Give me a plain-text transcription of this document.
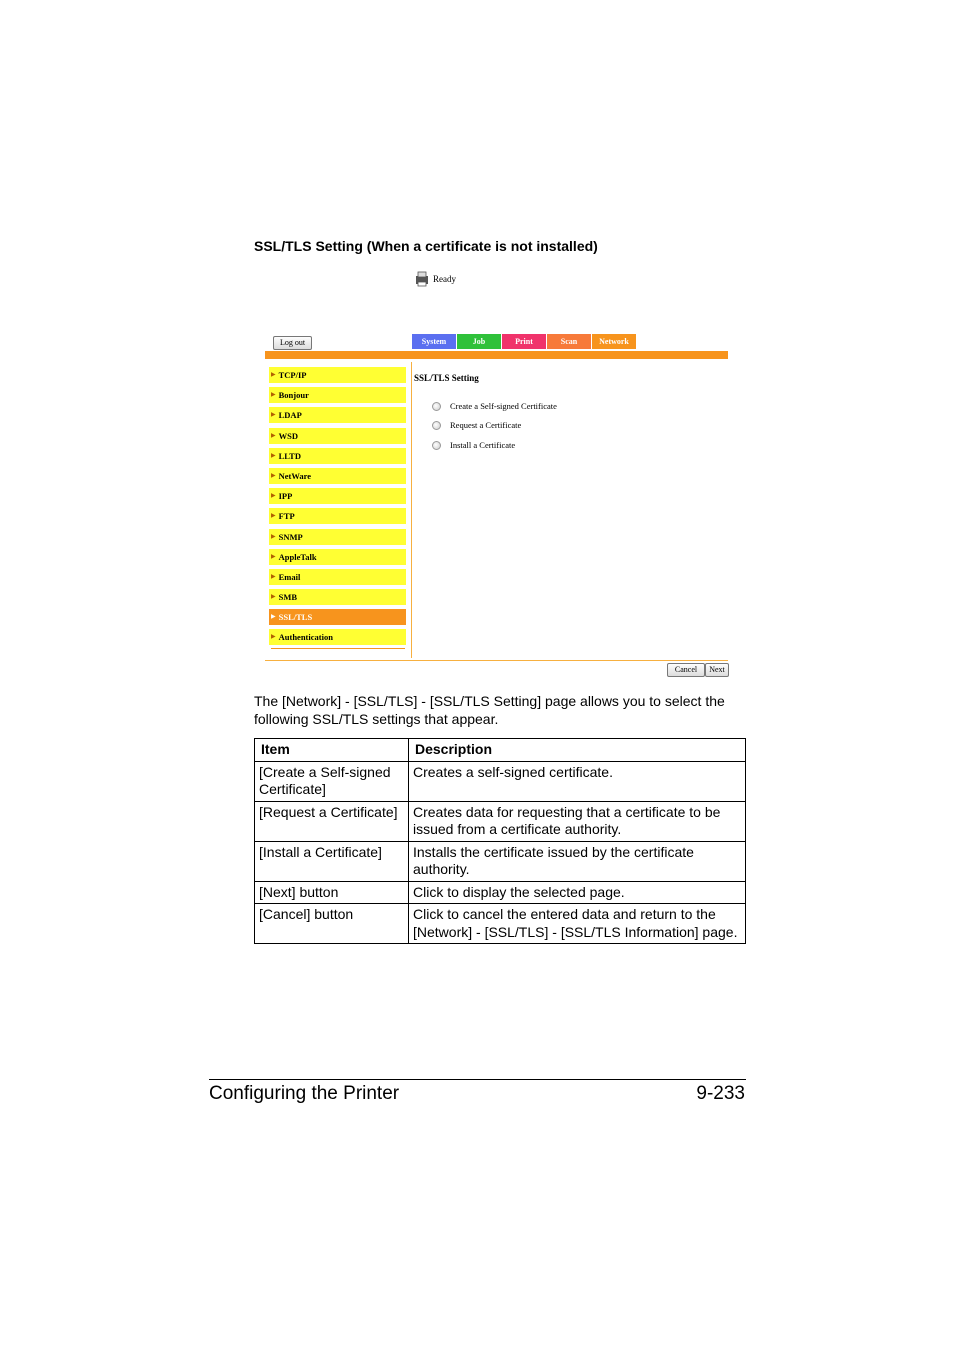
SSL/TLS Setting (When a certificate is not installed)
Ready
Log out	System	Job	Print	Scan	Network
▶ TCP/IP
▶ Bonjour
▶ LDAP
▶ WSD
▶ LLTD
▶ NetWare
▶ IPP
▶ FTP
▶ SNMP
▶ AppleTalk
▶ Email
▶ SMB
▶ SSL/TLS
▶ Authentication
SSL/TLS Setting
Create a Self-signed Certificate
Request a Certificate
Install a Certificate
Cancel	Next
The [Network] - [SSL/TLS] - [SSL/TLS Setting] page allows you to select the following SSL/TLS settings that appear.
Item	Description
[Create a Self-signed Certificate]	Creates a self-signed certificate.
[Request a Certificate]	Creates data for requesting that a certificate to be issued from a certificate authority.
[Install a Certificate]	Installs the certificate issued by the certificate authority.
[Next] button	Click to display the selected page.
[Cancel] button	Click to cancel the entered data and return to the [Network] - [SSL/TLS] - [SSL/TLS Information] page.
Configuring the Printer	9-233
